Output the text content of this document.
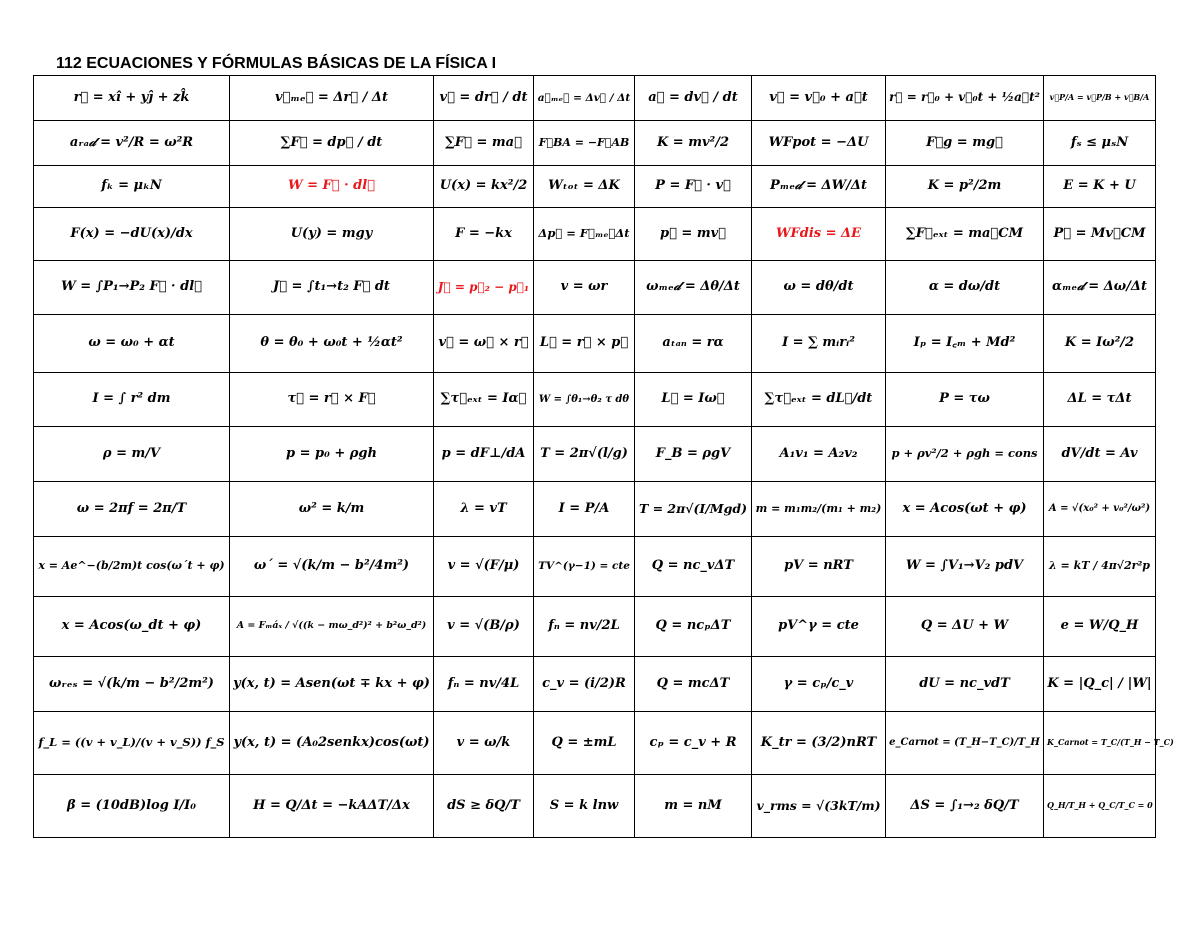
112 ECUACIONES Y FÓRMULAS BÁSICAS DE LA FÍSICA I
r⃗ = xî + yĵ + zk̂	v⃗ₘₑ𝒹 = Δr⃗ / Δt	v⃗ = dr⃗ / dt	a⃗ₘₑ𝒹 = Δv⃗ / Δt	a⃗ = dv⃗ / dt	v⃗ = v⃗₀ + a⃗t	r⃗ = r⃗₀ + v⃗₀t + ½a⃗t²	v⃗P/A = v⃗P/B + v⃗B/A
aᵣₐ𝒹 = v²/R = ω²R	∑F⃗ = dp⃗ / dt	∑F⃗ = ma⃗	F⃗BA = −F⃗AB	K = mv²/2	WFpot = −ΔU	F⃗g = mg⃗	fₛ ≤ μₛN
fₖ = μₖN	W = F⃗ · dl⃗	U(x) = kx²/2	Wₜₒₜ = ΔK	P = F⃗ · v⃗	Pₘₑ𝒹 = ΔW/Δt	K = p²/2m	E = K + U
F(x) = −dU(x)/dx	U(y) = mgy	F = −kx	Δp⃗ = F⃗ₘₑ𝒹Δt	p⃗ = mv⃗	WFdis = ΔE	∑F⃗ₑₓₜ = ma⃗CM	P⃗ = Mv⃗CM
W = ∫P₁→P₂ F⃗ · dl⃗	J⃗ = ∫t₁→t₂ F⃗ dt	J⃗ = p⃗₂ − p⃗₁	v = ωr	ωₘₑ𝒹 = Δθ/Δt	ω = dθ/dt	α = dω/dt	αₘₑ𝒹 = Δω/Δt
ω = ω₀ + αt	θ = θ₀ + ω₀t + ½αt²	v⃗ = ω⃗ × r⃗	L⃗ = r⃗ × p⃗	aₜₐₙ = rα	I = ∑ mᵢrᵢ²	Iₚ = I꜀ₘ + Md²	K = Iω²/2
I = ∫ r² dm	τ⃗ = r⃗ × F⃗	∑τ⃗ₑₓₜ = Iα⃗	W = ∫θ₁→θ₂ τ dθ	L⃗ = Iω⃗	∑τ⃗ₑₓₜ = dL⃗/dt	P = τω	ΔL = τΔt
ρ = m/V	p = p₀ + ρgh	p = dF⊥/dA	T = 2π√(l/g)	F_B = ρgV	A₁v₁ = A₂v₂	p + ρv²/2 + ρgh = cons	dV/dt = Av
ω = 2πf = 2π/T	ω² = k/m	λ = vT	I = P/A	T = 2π√(I/Mgd)	m = m₁m₂/(m₁ + m₂)	x = Acos(ωt + φ)	A = √(x₀² + v₀²/ω²)
x = Ae^−(b/2m)t cos(ω´t + φ)	ω´ = √(k/m − b²/4m²)	v = √(F/μ)	TV^(γ−1) = cte	Q = nc_vΔT	pV = nRT	W = ∫V₁→V₂ pdV	λ = kT / 4π√2r²p
x = Acos(ω_dt + φ)	A = Fₘáₓ / √((k − mω_d²)² + b²ω_d²)	v = √(B/ρ)	fₙ = nv/2L	Q = ncₚΔT	pV^γ = cte	Q = ΔU + W	e = W/Q_H
ωᵣₑₛ = √(k/m − b²/2m²)	y(x, t) = Asen(ωt ∓ kx + φ)	fₙ = nv/4L	c_v = (i/2)R	Q = mcΔT	γ = cₚ/c_v	dU = nc_vdT	K = |Q_c| / |W|
f_L = ((v + v_L)/(v + v_S)) f_S	y(x, t) = (A₀2senkx)cos(ωt)	v = ω/k	Q = ±mL	cₚ = c_v + R	K_tr = (3/2)nRT	e_Carnot = (T_H−T_C)/T_H	K_Carnot = T_C/(T_H − T_C)
β = (10dB)log I/I₀	H = Q/Δt = −kAΔT/Δx	dS ≥ δQ/T	S = k lnw	m = nM	v_rms = √(3kT/m)	ΔS = ∫₁→₂ δQ/T	Q_H/T_H + Q_C/T_C = 0
